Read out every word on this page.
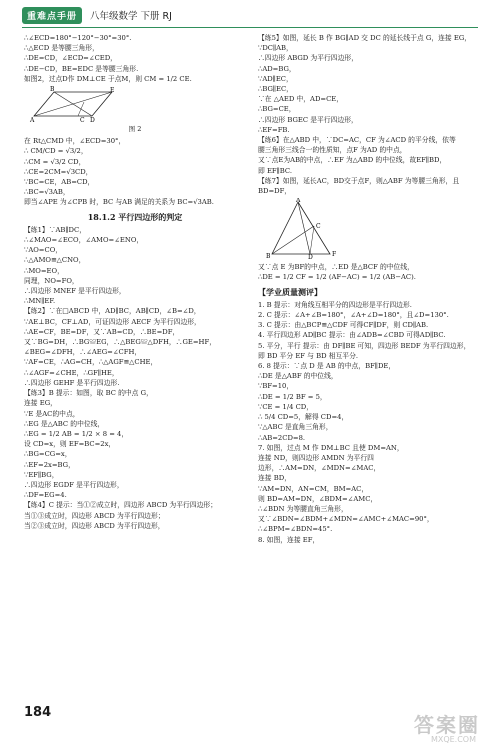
重难点手册	八年级数学 下册 RJ

∴∠ECD=180°−120°−30°=30°.

∴△ECD 是等腰三角形，

∴DE=CD，∠ECD=∠CED，

∴DE−CD，BE=EDC 是等腰三角形.

如图2，过点D作 DM⊥CE 于点M，则 CM = 1/2 CE.

B	E
A	D
C
图 2

在 Rt△CMD 中，∠ECD=30°，

∴ CM/CD = √3/2，

∴CM = √3/2 CD，

∴CE=2CM=√3CD，

∵BC=CE，AB=CD，

∴BC=√3AB，

即当∠APE 为∠CPB 时，BC 与AB 满足的关系为 BC=√3AB.

18.1.2 平行四边形的判定

【练1】∵AB∥DC，

∴∠MAO=∠ECO，∠AMO=∠ENO，

∵AO=CO，

∴△AMO≌△CNO，

∴MO=EO，

同理，NO=FO，

∴四边形 MNEF 是平行四边形，

∴MN∥EF.

【练2】∵在□ABCD 中，AD∥BC，AB∥CD，∠B=∠D，

∵AE⊥BC，CF⊥AD，可证四边形 AECF 为平行四边形，

∴AE=CF，BE=DF，又∵AB=CD，∴BE=DF，

又∵BG=DH，∴BG≌EG，∴△BEG≌△DFH，∴GE=HF，

∠BEG=∠DFH，∴∠AEG=∠CFH，

∵AF=CE，∴AG=CH，∴△AGF≌△CHE，

∴∠AGF=∠CHE，∴GF∥HE，

∴四边形 GEHF 是平行四边形.

【练3】B 提示：如图，取 BC 的中点 G，

连接 EG，

∵E 是AC的中点，

∴EG 是△ABC 的中位线，

∴EG = 1/2 AB = 1/2 × 8 = 4，

设 CD=x，则 EF=BC=2x，

∴BG=CG=x，

∴EF=2x=BG，

∵EF∥BG，

∴四边形 EGDF 是平行四边形，

∴DF=EG=4.

【练4】C 提示：当①②成立时，四边形 ABCD 为平行四边形；

当①③成立时，四边形 ABCD 为平行四边形；

当②③成立时，四边形 ABCD 为平行四边形，

【练5】如图，延长 B 作 BG∥AD 交 DC 的延长线于点 G，连接 EG，

∵DC∥AB，

∴四边形 ABGD 为平行四边形，

∴AD=BG，

∵AD∥EC，

∴BG∥EC，

∵在 △AED 中，AD=CE，

∴BG=CE，

∴四边形 BGEC 是平行四边形，

∴EF=FB.

【练6】在△ABD 中，∵DC=AC，CF 为∠ACD 的平分线，依等

腰三角形三线合一的性质知，点F 为AD 的中点，

又∵点E为AB的中点，∴EF 为△ABD 的中位线，故EF∥BD，

即 EF∥BC.

【练7】如图，延长AC，BD交于点F，则△ABF 为等腰三角形，且

BD=DF，

A
B
C
D	F

又∵点 E 为BF的中点，∴ED 是△BCF 的中位线，

∴DE = 1/2 CF = 1/2 (AF−AC) = 1/2 (AB−AC).

【学业质量测评】

1. B 提示：对角线互相平分的四边形是平行四边形.

2. C 提示：∠A+∠B=180°，∠A+∠D=180°，且∠D=130°.

3. C 提示：由△BCP≌△CDF 可得CF∥DF，则 CD∥AB.

4. 平行四边形 AD∥BC 提示：由∠ADB=∠CBD 可得AD∥BC.

5. 平分，平行 提示：由 DF∥BE 可知，四边形 BEDF 为平行四边形，

即 BD 平分 EF 与 BD 相互平分.

6. 8 提示：∵点 D 是 AB 的中点，BF∥DE，

∴DE 是△ABF 的中位线，

∵BF=10，

∴DE = 1/2 BF = 5，

∵CE = 1/4 CD，

∴ 5/4 CD=5，解得 CD=4，

∵△ABC 是直角三角形，

∴AB=2CD=8.

7. 如图，过点 M 作 DM⊥BC 且使 DM=AN，

连接 ND，则四边形 AMDN 为平行四

边形，∴AM=DN，∠MDN=∠MAC，

连接 BD，

∵AM=DN，AN=CM，BM=AC，

则 BD=AM=DN，∠BDM=∠AMC，

∴∠BDN 为等腰直角三角形，

又∵∠BDN=∠BDM+∠MDN=∠AMC+∠MAC=90°，

∴∠BPM=∠BDN=45°.

8. 如图，连接 EF，

184
答案圈
MXQE.COM
